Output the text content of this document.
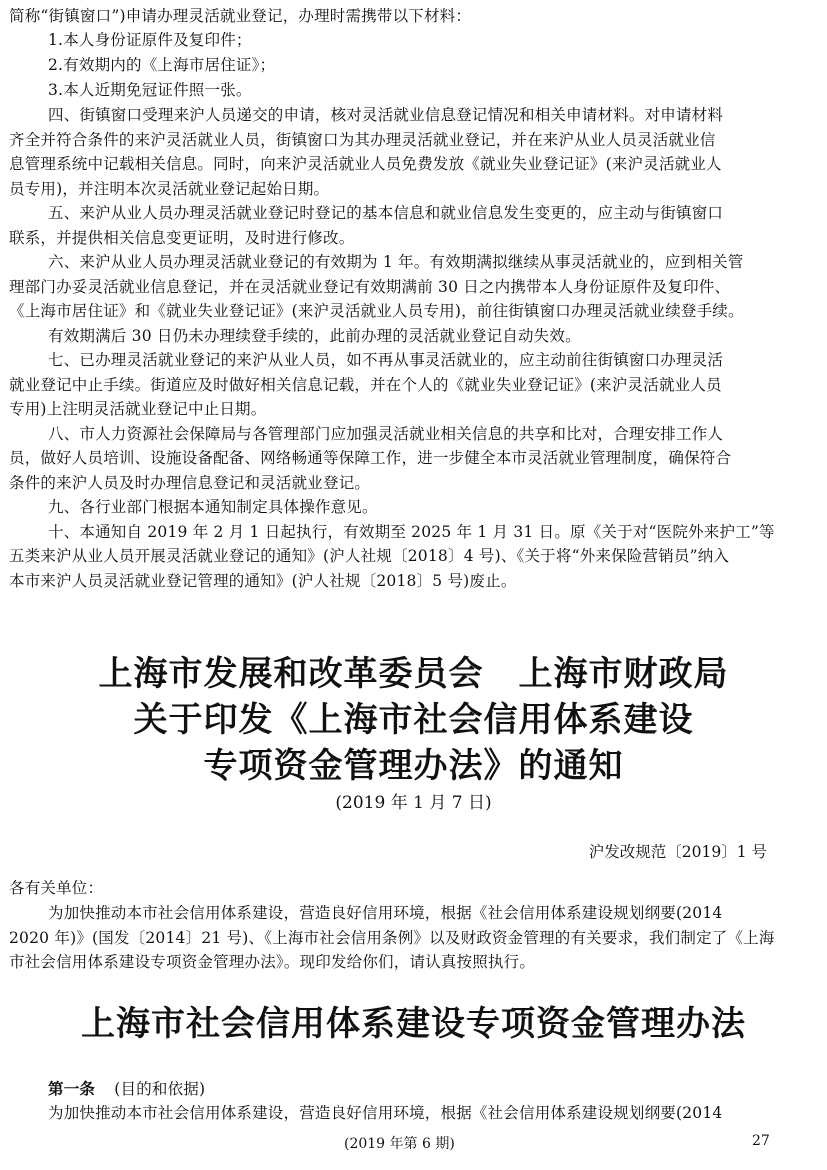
简称“街镇窗口”)申请办理灵活就业登记，办理时需携带以下材料：
1.本人身份证原件及复印件；
2.有效期内的《上海市居住证》；
3.本人近期免冠证件照一张。
四、街镇窗口受理来沪人员递交的申请，核对灵活就业信息登记情况和相关申请材料。对申请材料
齐全并符合条件的来沪灵活就业人员，街镇窗口为其办理灵活就业登记，并在来沪从业人员灵活就业信
息管理系统中记载相关信息。同时，向来沪灵活就业人员免费发放《就业失业登记证》(来沪灵活就业人
员专用)，并注明本次灵活就业登记起始日期。
五、来沪从业人员办理灵活就业登记时登记的基本信息和就业信息发生变更的，应主动与街镇窗口
联系，并提供相关信息变更证明，及时进行修改。
六、来沪从业人员办理灵活就业登记的有效期为 1 年。有效期满拟继续从事灵活就业的，应到相关管
理部门办妥灵活就业信息登记，并在灵活就业登记有效期满前 30 日之内携带本人身份证原件及复印件、
《上海市居住证》和《就业失业登记证》(来沪灵活就业人员专用)，前往街镇窗口办理灵活就业续登手续。
有效期满后 30 日仍未办理续登手续的，此前办理的灵活就业登记自动失效。
七、已办理灵活就业登记的来沪从业人员，如不再从事灵活就业的，应主动前往街镇窗口办理灵活
就业登记中止手续。街道应及时做好相关信息记载，并在个人的《就业失业登记证》(来沪灵活就业人员
专用)上注明灵活就业登记中止日期。
八、市人力资源社会保障局与各管理部门应加强灵活就业相关信息的共享和比对，合理安排工作人
员，做好人员培训、设施设备配备、网络畅通等保障工作，进一步健全本市灵活就业管理制度，确保符合
条件的来沪人员及时办理信息登记和灵活就业登记。
九、各行业部门根据本通知制定具体操作意见。
十、本通知自 2019 年 2 月 1 日起执行，有效期至 2025 年 1 月 31 日。原《关于对“医院外来护工”等
五类来沪从业人员开展灵活就业登记的通知》(沪人社规〔2018〕4 号)、《关于将“外来保险营销员”纳入
本市来沪人员灵活就业登记管理的通知》(沪人社规〔2018〕5 号)废止。
上海市发展和改革委员会　上海市财政局
关于印发《上海市社会信用体系建设
专项资金管理办法》的通知
(2019 年 1 月 7 日)
沪发改规范〔2019〕1 号
各有关单位：
为加快推动本市社会信用体系建设，营造良好信用环境，根据《社会信用体系建设规划纲要(2014
2020 年)》(国发〔2014〕21 号)、《上海市社会信用条例》以及财政资金管理的有关要求，我们制定了《上海
市社会信用体系建设专项资金管理办法》。现印发给你们，请认真按照执行。
上海市社会信用体系建设专项资金管理办法
第一条 (目的和依据)
为加快推动本市社会信用体系建设，营造良好信用环境，根据《社会信用体系建设规划纲要(2014
(2019 年第 6 期)	27
